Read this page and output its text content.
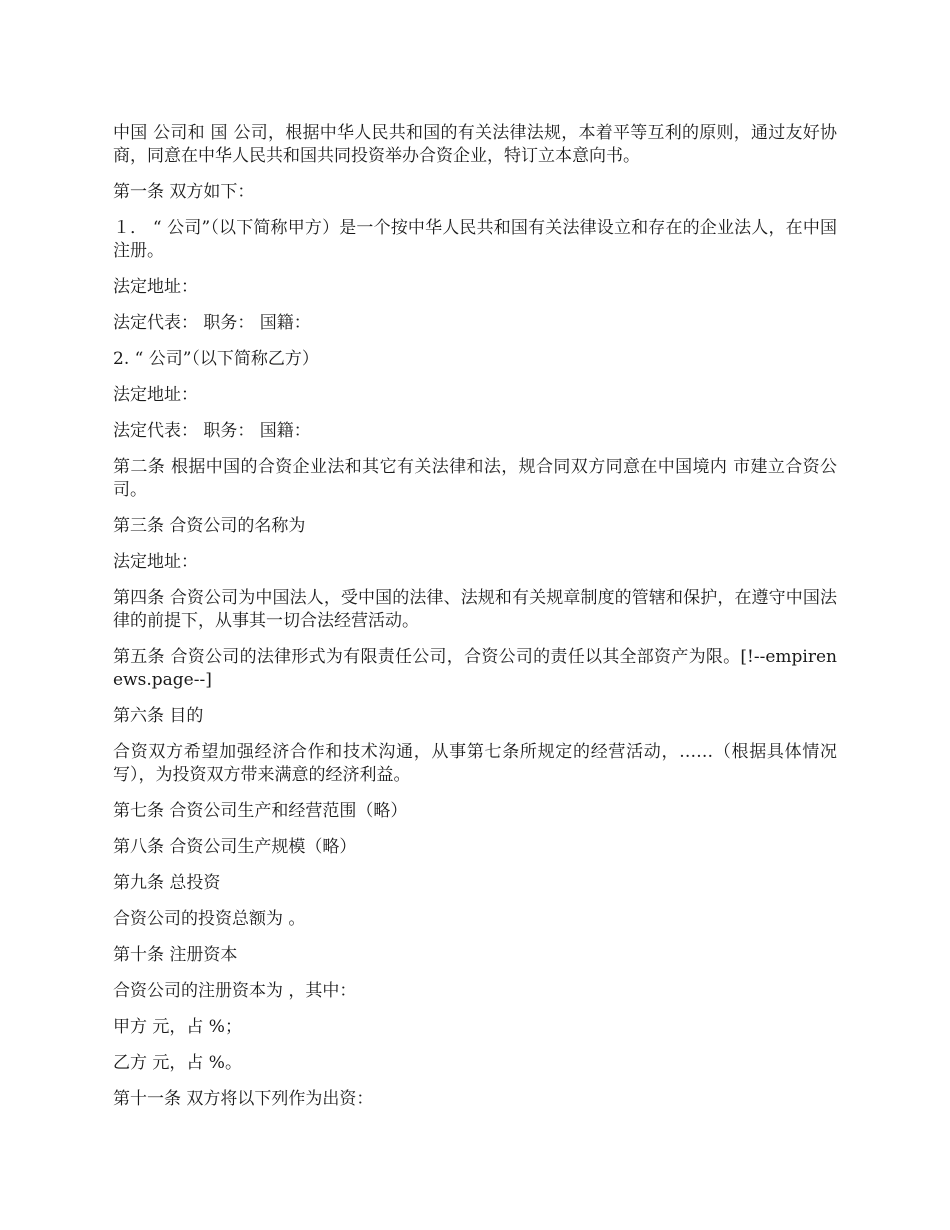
中国 公司和 国 公司，根据中华人民共和国的有关法律法规，本着平等互利的原则，通过友好协商，同意在中华人民共和国共同投资举办合资企业，特订立本意向书。

第一条 双方如下：

１． “ 公司”（以下简称甲方）是一个按中华人民共和国有关法律设立和存在的企业法人，在中国注册。

法定地址：

法定代表： 职务： 国籍：

2. “ 公司”（以下简称乙方）

法定地址：

法定代表： 职务： 国籍：

第二条 根据中国的合资企业法和其它有关法律和法，规合同双方同意在中国境内 市建立合资公司。

第三条 合资公司的名称为

法定地址：

第四条 合资公司为中国法人，受中国的法律、法规和有关规章制度的管辖和保护，在遵守中国法律的前提下，从事其一切合法经营活动。

第五条 合资公司的法律形式为有限责任公司，合资公司的责任以其全部资产为限。[!--empirenews.page--]

第六条 目的

合资双方希望加强经济合作和技术沟通，从事第七条所规定的经营活动，……（根据具体情况写），为投资双方带来满意的经济利益。

第七条 合资公司生产和经营范围（略）

第八条 合资公司生产规模（略）

第九条 总投资

合资公司的投资总额为 。

第十条 注册资本

合资公司的注册资本为 ，其中：

甲方 元，占 %；

乙方 元，占 %。

第十一条 双方将以下列作为出资：
